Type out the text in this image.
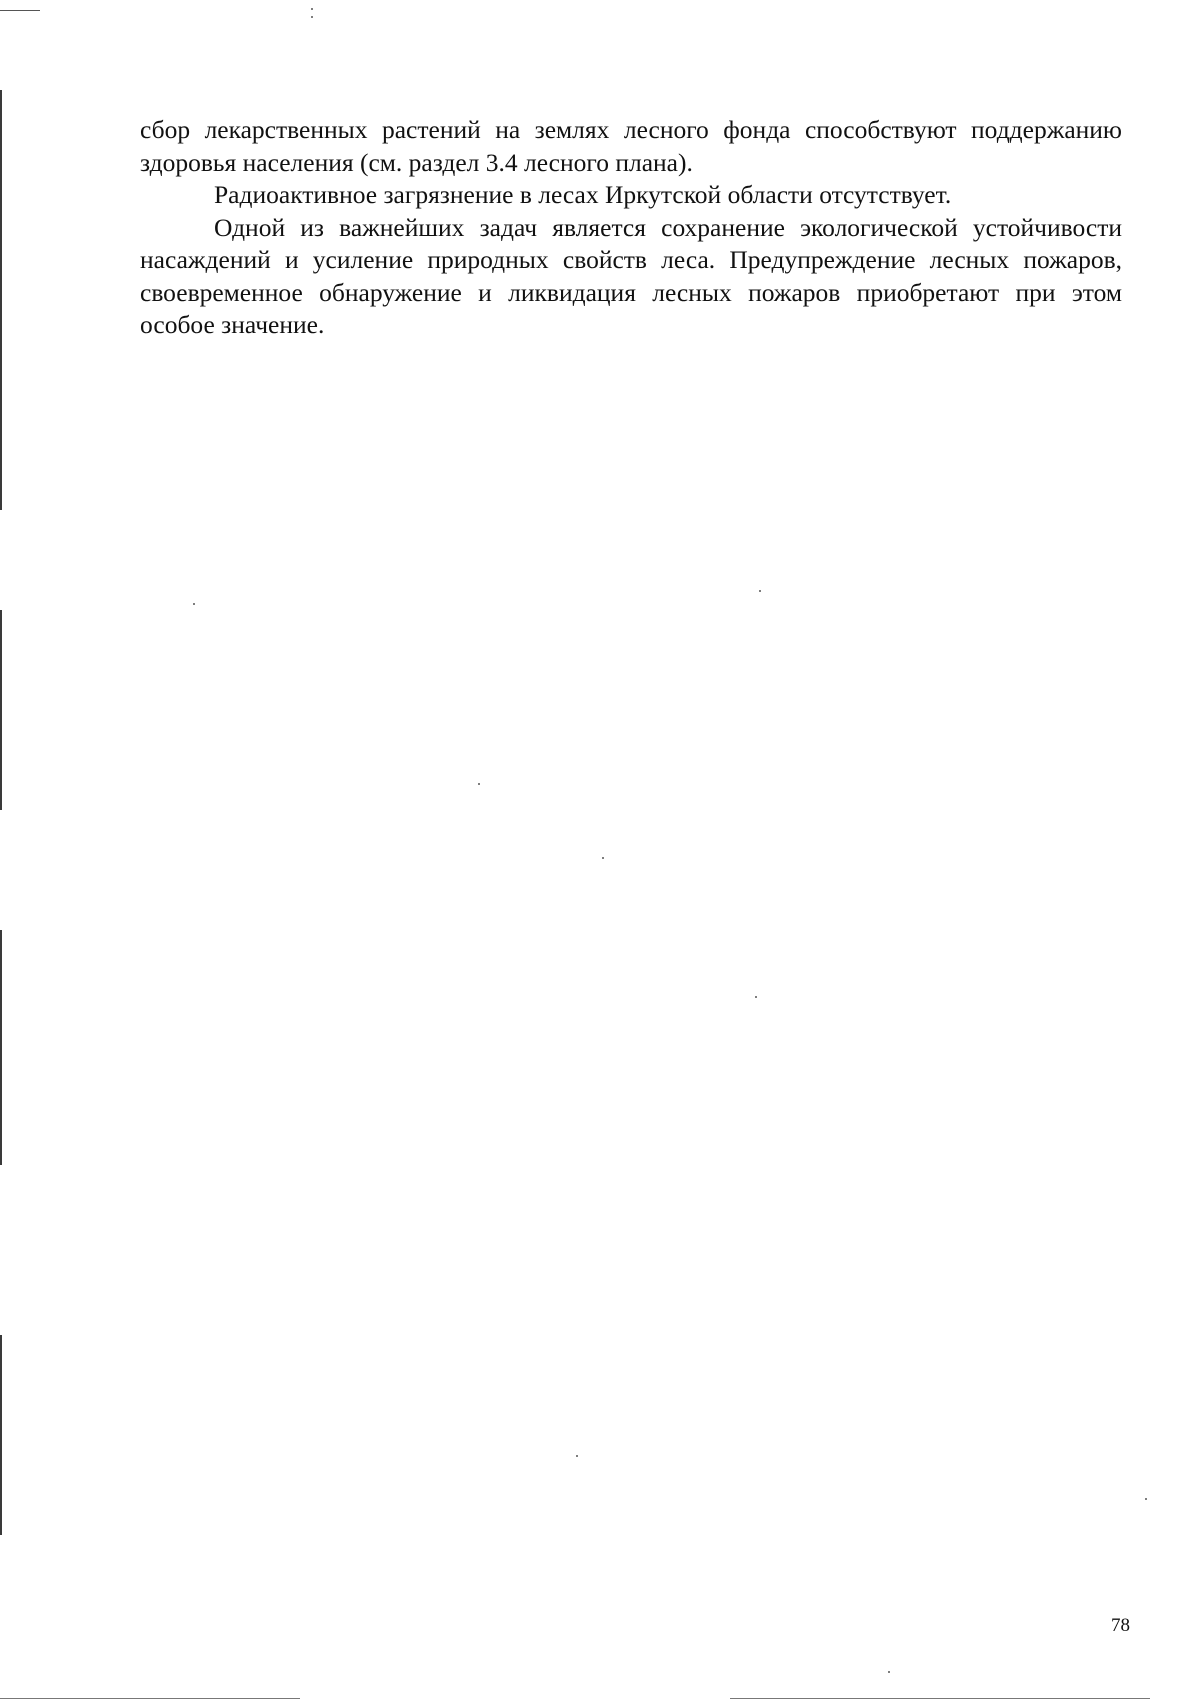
сбор лекарственных растений на землях лесного фонда способствуют поддержанию здоровья населения (см. раздел 3.4 лесного плана).

Радиоактивное загрязнение в лесах Иркутской области отсутствует.

Одной из важнейших задач является сохранение экологической устойчивости насаждений и усиление природных свойств леса. Предупреждение лесных пожаров, своевременное обнаружение и ликвидация лесных пожаров приобретают при этом особое значение.

78
